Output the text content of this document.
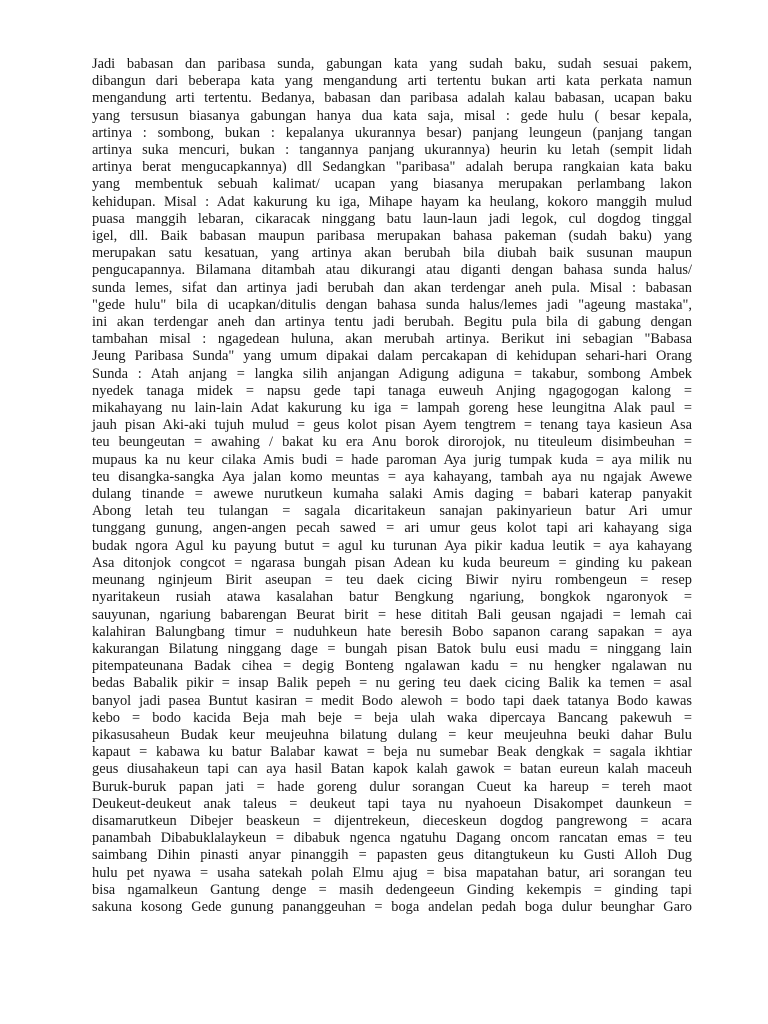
Jadi babasan dan paribasa sunda, gabungan kata yang sudah baku, sudah sesuai pakem,
dibangun dari beberapa kata yang mengandung arti tertentu bukan arti kata perkata namun
mengandung arti tertentu. Bedanya, babasan dan paribasa adalah kalau babasan, ucapan baku
yang tersusun biasanya gabungan hanya dua kata saja, misal : gede hulu ( besar kepala,
artinya : sombong, bukan : kepalanya ukurannya besar) panjang leungeun (panjang tangan
artinya suka mencuri, bukan : tangannya panjang ukurannya) heurin ku letah (sempit lidah
artinya berat mengucapkannya) dll Sedangkan "paribasa" adalah berupa rangkaian kata baku
yang membentuk sebuah kalimat/ ucapan yang biasanya merupakan perlambang lakon
kehidupan. Misal : Adat kakurung ku iga, Mihape hayam ka heulang, kokoro manggih mulud
puasa manggih lebaran, cikaracak ninggang batu laun-laun jadi legok, cul dogdog tinggal
igel, dll. Baik babasan maupun paribasa merupakan bahasa pakeman (sudah baku) yang
merupakan satu kesatuan, yang artinya akan berubah bila diubah baik susunan maupun
pengucapannya. Bilamana ditambah atau dikurangi atau diganti dengan bahasa sunda halus/
sunda lemes, sifat dan artinya jadi berubah dan akan terdengar aneh pula. Misal : babasan
"gede hulu" bila di ucapkan/ditulis dengan bahasa sunda halus/lemes jadi "ageung mastaka",
ini akan terdengar aneh dan artinya tentu jadi berubah. Begitu pula bila di gabung dengan
tambahan misal : ngagedean huluna, akan merubah artinya. Berikut ini sebagian "Babasa
Jeung Paribasa Sunda" yang umum dipakai dalam percakapan di kehidupan sehari-hari Orang
Sunda : Atah anjang = langka silih anjangan Adigung adiguna = takabur, sombong Ambek
nyedek tanaga midek = napsu gede tapi tanaga euweuh Anjing ngagogogan kalong =
mikahayang nu lain-lain Adat kakurung ku iga = lampah goreng hese leungitna Alak paul =
jauh pisan Aki-aki tujuh mulud = geus kolot pisan Ayem tengtrem = tenang taya kasieun Asa
teu beungeutan = awahing / bakat ku era Anu borok dirorojok, nu titeuleum disimbeuhan =
mupaus ka nu keur cilaka Amis budi = hade paroman Aya jurig tumpak kuda = aya milik nu
teu disangka-sangka Aya jalan komo meuntas = aya kahayang, tambah aya nu ngajak Awewe
dulang tinande = awewe nurutkeun kumaha salaki Amis daging = babari katerap panyakit
Abong letah teu tulangan = sagala dicaritakeun sanajan pakinyarieun batur Ari umur
tunggang gunung, angen-angen pecah sawed = ari umur geus kolot tapi ari kahayang siga
budak ngora Agul ku payung butut = agul ku turunan Aya pikir kadua leutik = aya kahayang
Asa ditonjok congcot = ngarasa bungah pisan Adean ku kuda beureum = ginding ku pakean
meunang nginjeum Birit aseupan = teu daek cicing Biwir nyiru rombengeun = resep
nyaritakeun rusiah atawa kasalahan batur Bengkung ngariung, bongkok ngaronyok =
sauyunan, ngariung babarengan Beurat birit = hese dititah Bali geusan ngajadi = lemah cai
kalahiran Balungbang timur = nuduhkeun hate beresih Bobo sapanon carang sapakan = aya
kakurangan Bilatung ninggang dage = bungah pisan Batok bulu eusi madu = ninggang lain
pitempateunana Badak cihea = degig Bonteng ngalawan kadu = nu hengker ngalawan nu
bedas Babalik pikir = insap Balik pepeh = nu gering teu daek cicing Balik ka temen = asal
banyol jadi pasea Buntut kasiran = medit Bodo alewoh = bodo tapi daek tatanya Bodo kawas
kebo = bodo kacida Beja mah beje = beja ulah waka dipercaya Bancang pakewuh =
pikasusaheun Budak keur meujeuhna bilatung dulang = keur meujeuhna beuki dahar Bulu
kapaut = kabawa ku batur Balabar kawat = beja nu sumebar Beak dengkak = sagala ikhtiar
geus diusahakeun tapi can aya hasil Batan kapok kalah gawok = batan eureun kalah maceuh
Buruk-buruk papan jati = hade goreng dulur sorangan Cueut ka hareup = tereh maot
Deukeut-deukeut anak taleus = deukeut tapi taya nu nyahoeun Disakompet daunkeun =
disamarutkeun Dibejer beaskeun = dijentrekeun, dieceskeun dogdog pangrewong = acara
panambah Dibabuklalaykeun = dibabuk ngenca ngatuhu Dagang oncom rancatan emas = teu
saimbang Dihin pinasti anyar pinanggih = papasten geus ditangtukeun ku Gusti Alloh Dug
hulu pet nyawa = usaha satekah polah Elmu ajug = bisa mapatahan batur, ari sorangan teu
bisa ngamalkeun Gantung denge = masih dedengeeun Ginding kekempis = ginding tapi
sakuna kosong Gede gunung pananggeuhan = boga andelan pedah boga dulur beunghar Garo
